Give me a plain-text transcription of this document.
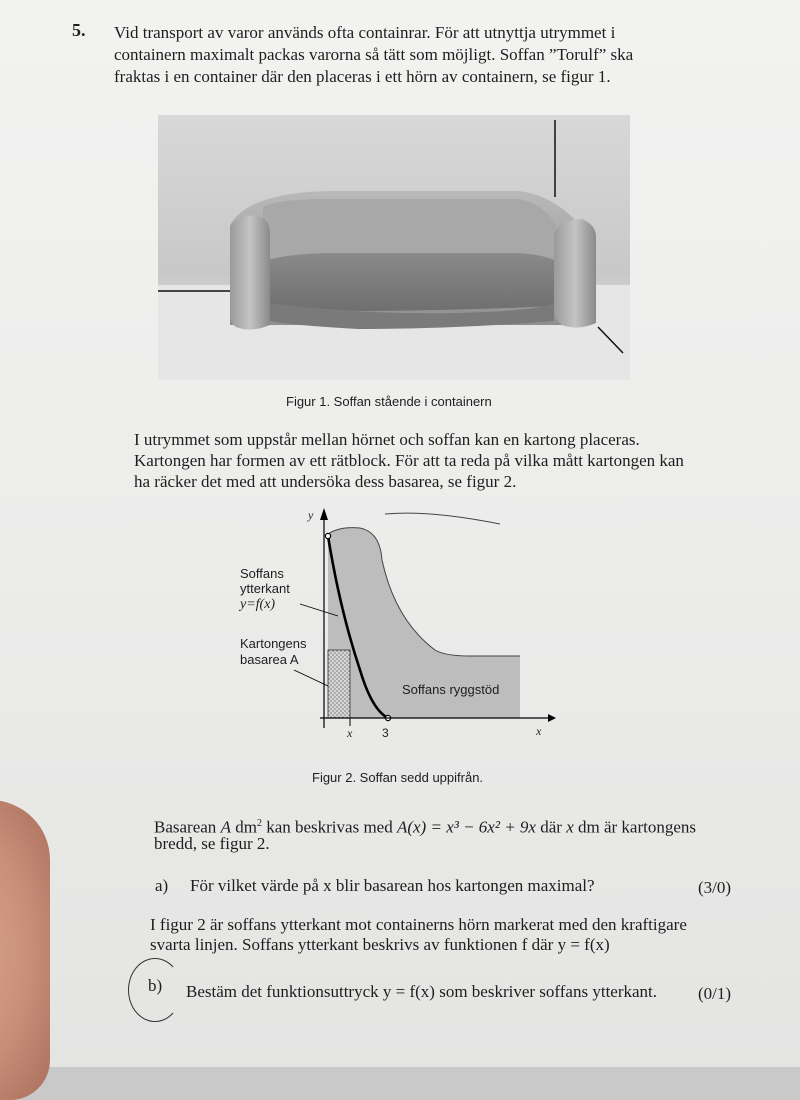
5. Vid transport av varor används ofta containrar. För att utnyttja utrymmet i
containern maximalt packas varorna så tätt som möjligt. Soffan ”Torulf” ska
fraktas i en container där den placeras i ett hörn av containern, se figur 1.
Figur 1. Soffan stående i containern
I utrymmet som uppstår mellan hörnet och soffan kan en kartong placeras.
Kartongen har formen av ett rätblock. För att ta reda på vilka mått kartongen kan
ha räcker det med att undersöka dess basarea, se figur 2.
y
x
Soffans
ytterkant
y=f(x)
Kartongens
basarea A
Soffans ryggstöd
x 3
Figur 2. Soffan sedd uppifrån.
Basarean A $dm^2$ kan beskrivas med A(x) = x³ − 6x² + 9x där x dm är kartongens
bredd, se figur 2.
a) För vilket värde på x blir basarean hos kartongen maximal?	(3/0)
I figur 2 är soffans ytterkant mot containerns hörn markerat med den kraftigare
svarta linjen. Soffans ytterkant beskrivs av funktionen f där y = f(x)
b) Bestäm det funktionsuttryck y = f(x) som beskriver soffans ytterkant. (0/1)
